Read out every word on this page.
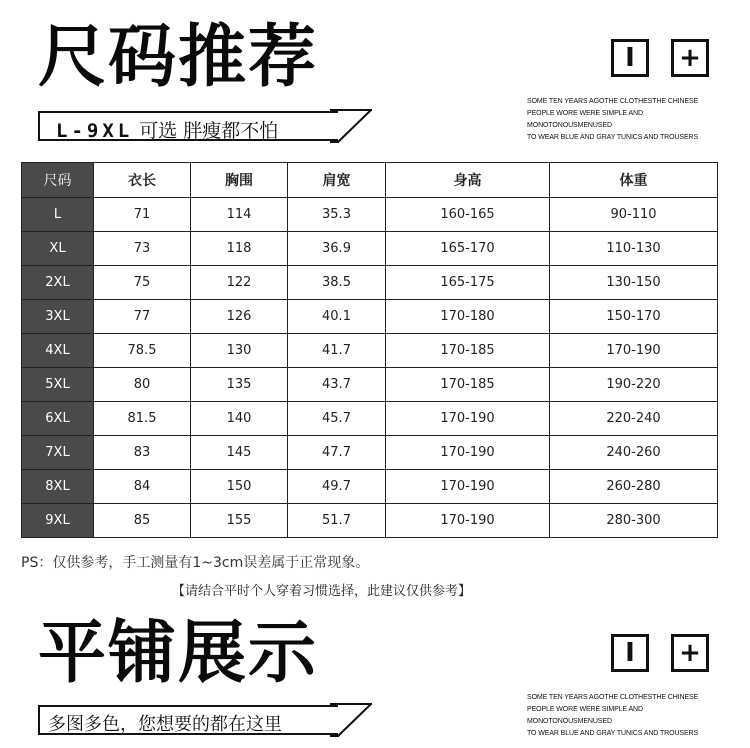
尺码推荐
L-9XL 可选 胖瘦都不怕
I	+
SOME TEN YEARS AGOTHE CLOTHESTHE CHINESE
PEOPLE WORE WERE SIMPLE AND MONOTONOUSMENUSED
TO WEAR BLUE AND GRAY TUNICS AND TROUSERS
尺码	衣长	胸围	肩宽	身高	体重
L	71	114	35.3	160-165	90-110
XL	73	118	36.9	165-170	110-130
2XL	75	122	38.5	165-175	130-150
3XL	77	126	40.1	170-180	150-170
4XL	78.5	130	41.7	170-185	170-190
5XL	80	135	43.7	170-185	190-220
6XL	81.5	140	45.7	170-190	220-240
7XL	83	145	47.7	170-190	240-260
8XL	84	150	49.7	170-190	260-280
9XL	85	155	51.7	170-190	280-300
PS：仅供参考，手工测量有1~3cm误差属于正常现象。
【请结合平时个人穿着习惯选择，此建议仅供参考】
平铺展示
多图多色，您想要的都在这里
I	+
SOME TEN YEARS AGOTHE CLOTHESTHE CHINESE
PEOPLE WORE WERE SIMPLE AND MONOTONOUSMENUSED
TO WEAR BLUE AND GRAY TUNICS AND TROUSERS
